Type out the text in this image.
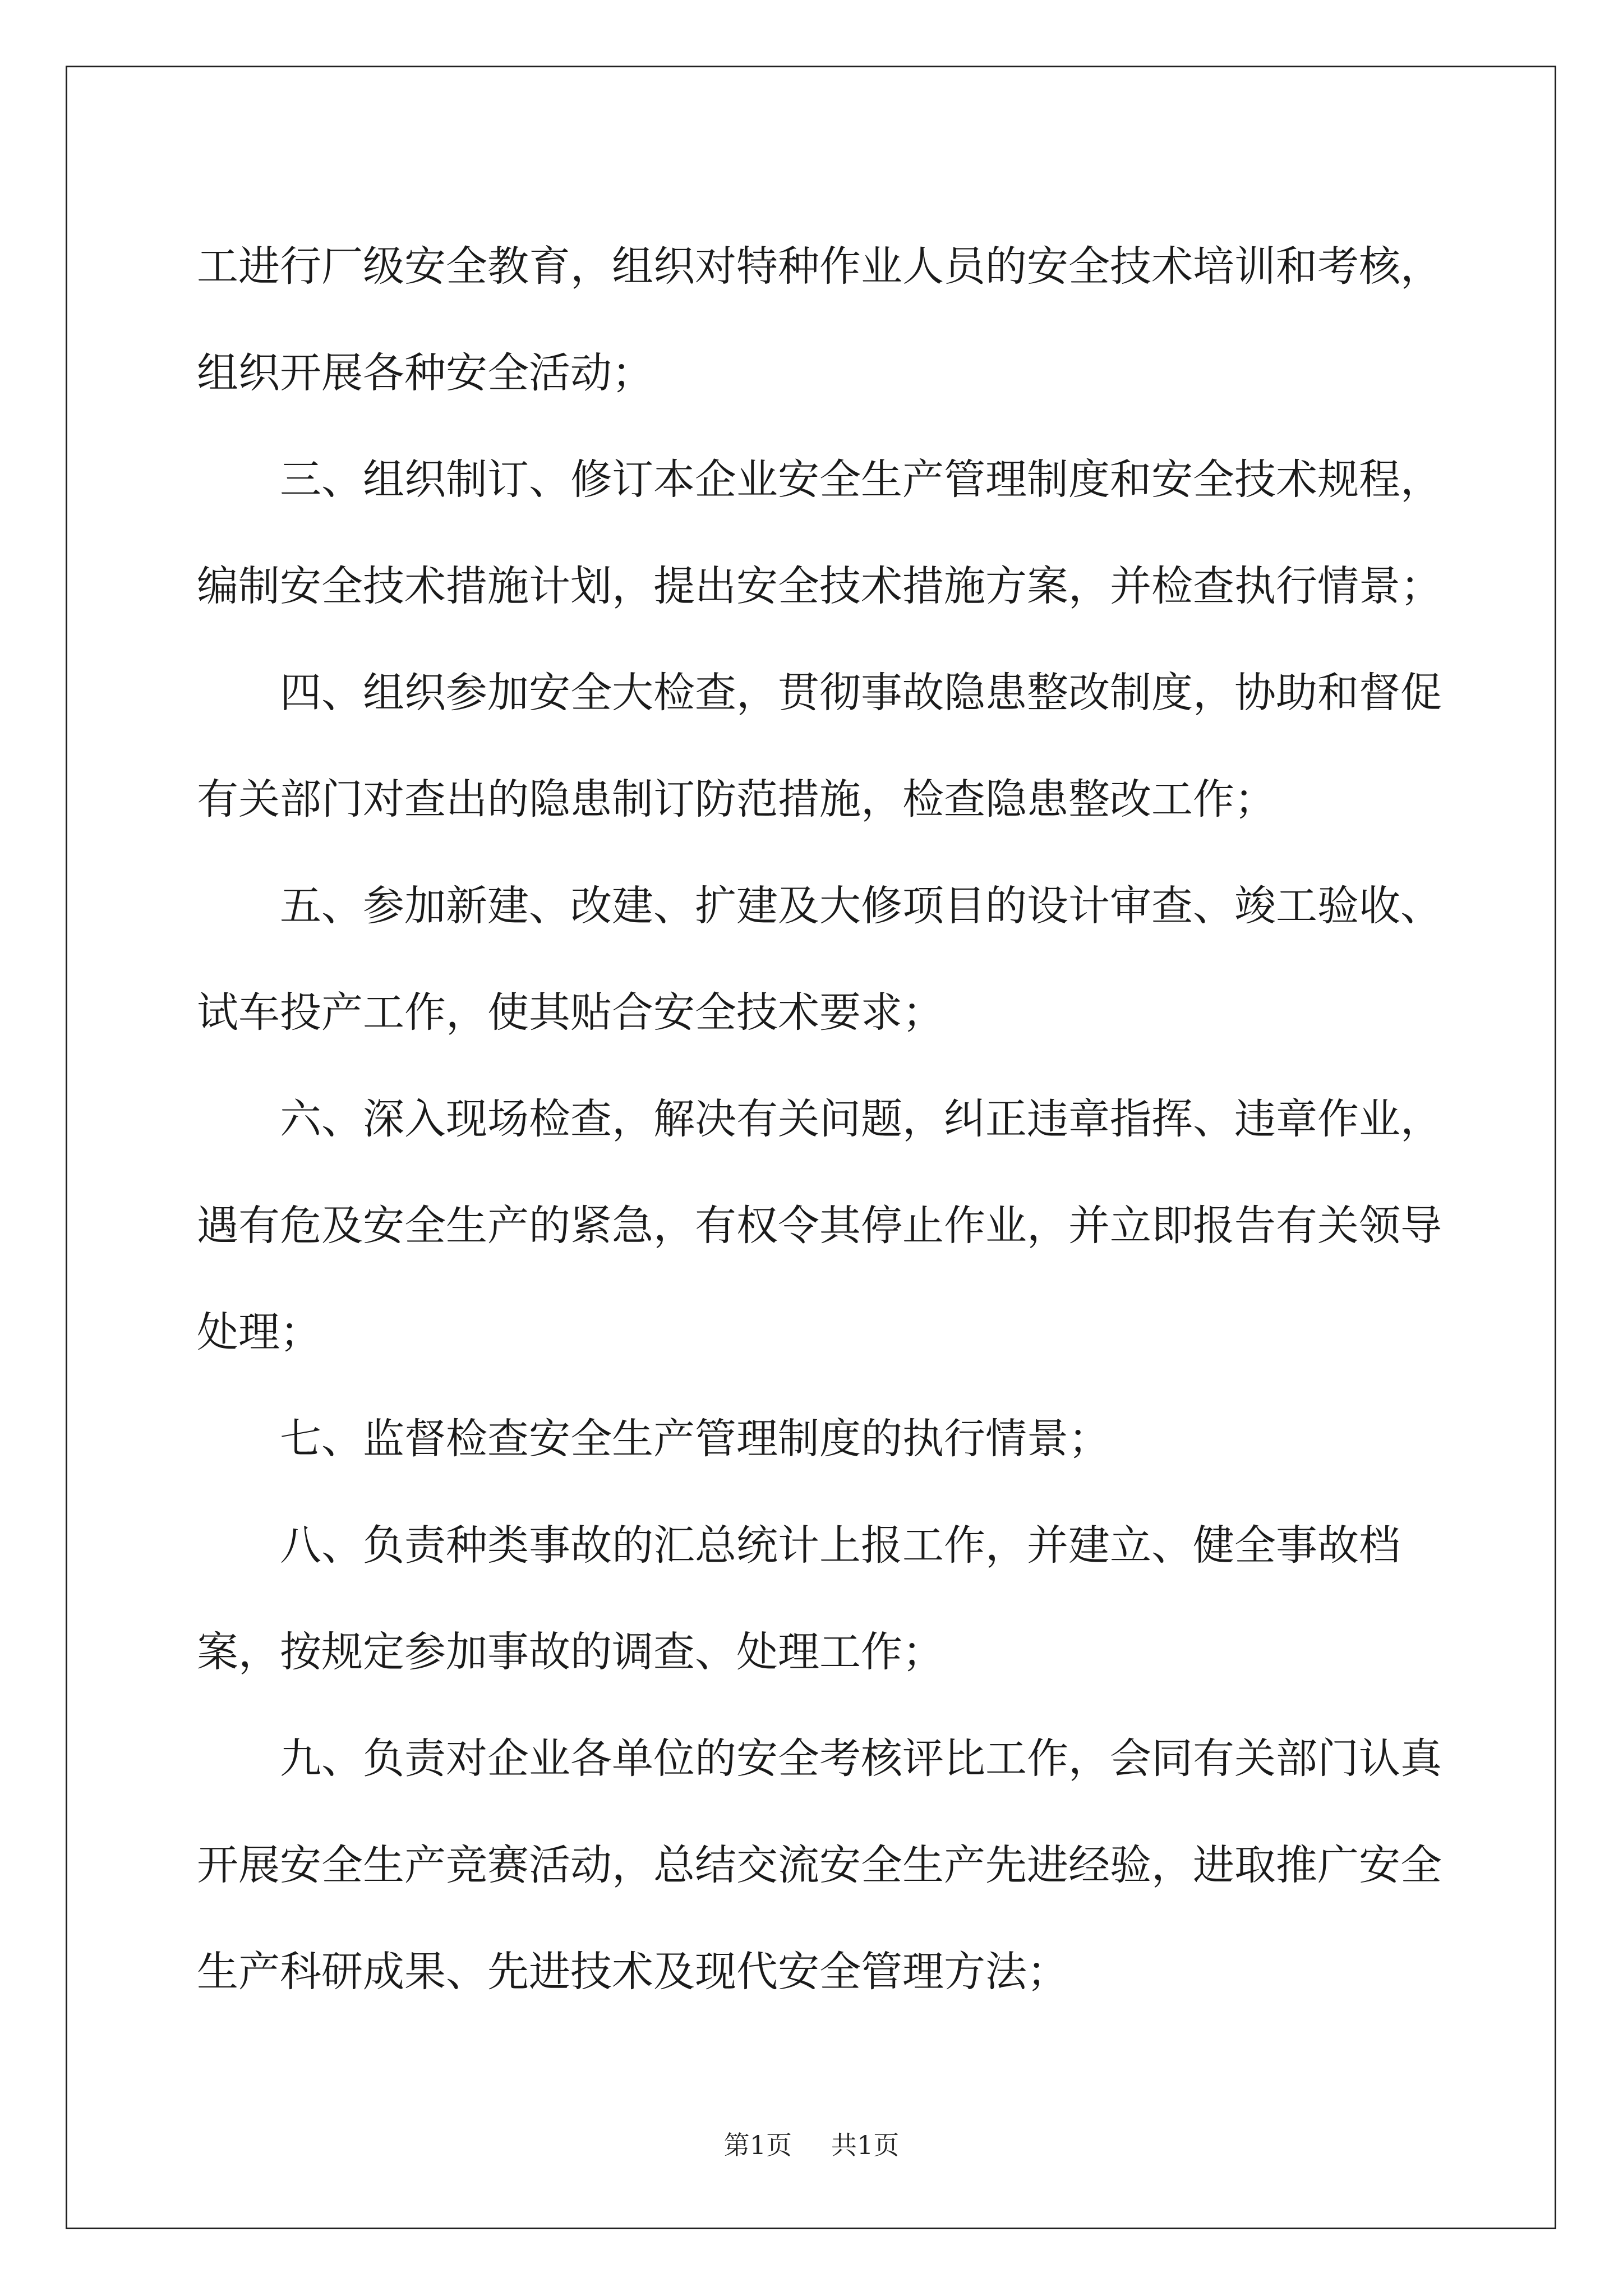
工进行厂级安全教育，组织对特种作业人员的安全技术培训和考核，组织开展各种安全活动；

三、组织制订、修订本企业安全生产管理制度和安全技术规程，编制安全技术措施计划，提出安全技术措施方案，并检查执行情景；

四、组织参加安全大检查，贯彻事故隐患整改制度，协助和督促有关部门对查出的隐患制订防范措施，检查隐患整改工作；

五、参加新建、改建、扩建及大修项目的设计审查、竣工验收、试车投产工作，使其贴合安全技术要求；

六、深入现场检查，解决有关问题，纠正违章指挥、违章作业，遇有危及安全生产的紧急，有权令其停止作业，并立即报告有关领导处理；

七、监督检查安全生产管理制度的执行情景；

八、负责种类事故的汇总统计上报工作，并建立、健全事故档案，按规定参加事故的调查、处理工作；

九、负责对企业各单位的安全考核评比工作，会同有关部门认真开展安全生产竞赛活动，总结交流安全生产先进经验，进取推广安全生产科研成果、先进技术及现代安全管理方法；

第1页 共1页
